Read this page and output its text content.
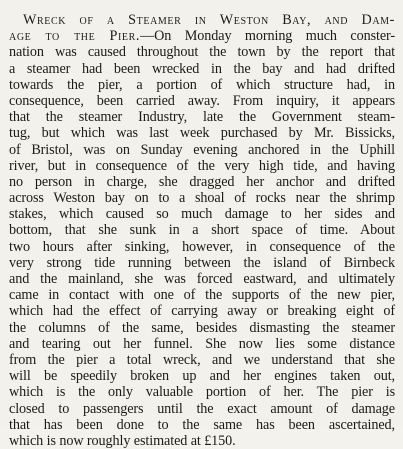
Wreck of a Steamer in Weston Bay, and Dam-
age to the Pier.—On Monday morning much conster-
nation was caused throughout the town by the report that
a steamer had been wrecked in the bay and had drifted
towards the pier, a portion of which structure had, in
consequence, been carried away. From inquiry, it appears
that the steamer Industry, late the Government steam-
tug, but which was last week purchased by Mr. Bissicks,
of Bristol, was on Sunday evening anchored in the Uphill
river, but in consequence of the very high tide, and having
no person in charge, she dragged her anchor and drifted
across Weston bay on to a shoal of rocks near the shrimp
stakes, which caused so much damage to her sides and
bottom, that she sunk in a short space of time. About
two hours after sinking, however, in consequence of the
very strong tide running between the island of Birnbeck
and the mainland, she was forced eastward, and ultimately
came in contact with one of the supports of the new pier,
which had the effect of carrying away or breaking eight of
the columns of the same, besides dismasting the steamer
and tearing out her funnel. She now lies some distance
from the pier a total wreck, and we understand that she
will be speedily broken up and her engines taken out,
which is the only valuable portion of her. The pier is
closed to passengers until the exact amount of damage
that has been done to the same has been ascertained,
which is now roughly estimated at £150.
